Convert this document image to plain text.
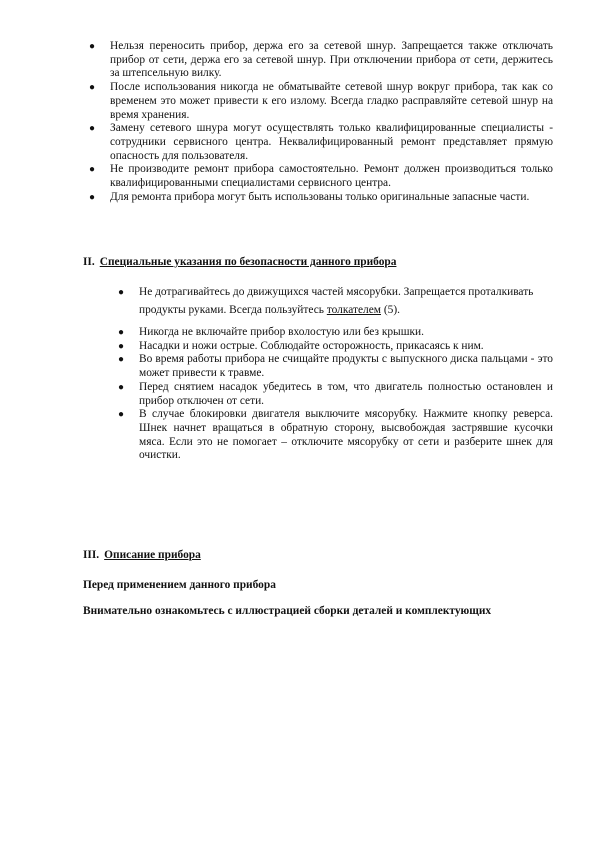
● Нельзя переносить прибор, держа его за сетевой шнур. Запрещается также отключать прибор от сети, держа его за сетевой шнур. При отключении прибора от сети, держитесь за штепсельную вилку.
● После использования никогда не обматывайте сетевой шнур вокруг прибора, так как со временем это может привести к его излому. Всегда гладко расправляйте сетевой шнур на время хранения.
● Замену сетевого шнура могут осуществлять только квалифицированные специалисты - сотрудники сервисного центра. Неквалифицированный ремонт представляет прямую опасность для пользователя.
● Не производите ремонт прибора самостоятельно. Ремонт должен производиться только квалифицированными специалистами сервисного центра.
● Для ремонта прибора могут быть использованы только оригинальные запасные части.
II. Специальные указания по безопасности данного прибора
● Не дотрагивайтесь до движущихся частей мясорубки. Запрещается проталкивать продукты руками. Всегда пользуйтесь толкателем (5).
● Никогда не включайте прибор вхолостую или без крышки.
● Насадки и ножи острые. Соблюдайте осторожность, прикасаясь к ним.
● Во время работы прибора не счищайте продукты с выпускного диска пальцами - это может привести к травме.
● Перед снятием насадок убедитесь в том, что двигатель полностью остановлен и прибор отключен от сети.
● В случае блокировки двигателя выключите мясорубку. Нажмите кнопку реверса. Шнек начнет вращаться в обратную сторону, высвобождая застрявшие кусочки мяса. Если это не помогает – отключите мясорубку от сети и разберите шнек для очистки.
III. Описание прибора
Перед применением данного прибора
Внимательно ознакомьтесь с иллюстрацией сборки деталей и комплектующих
